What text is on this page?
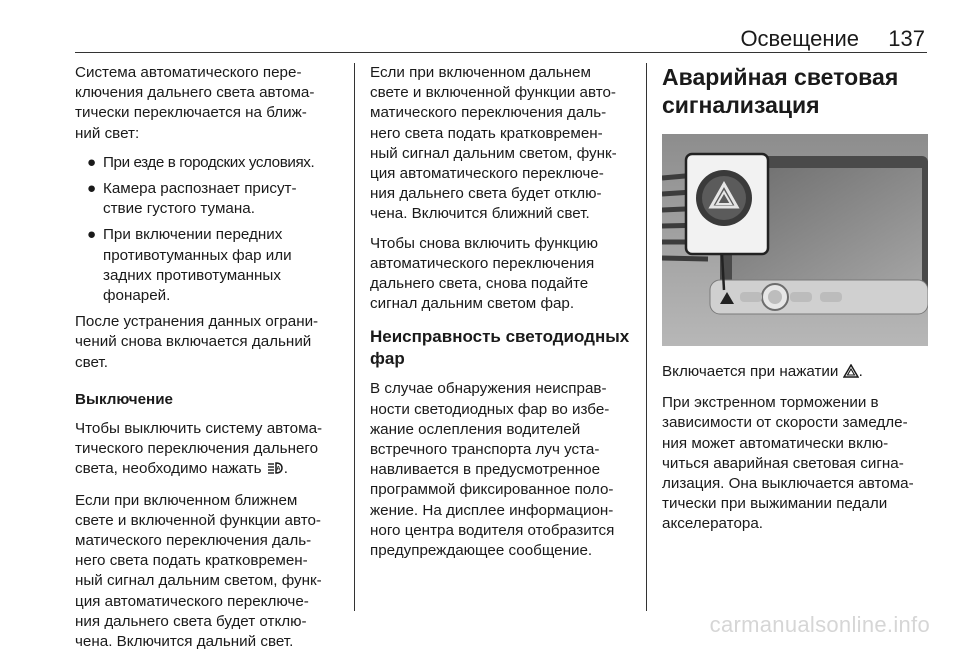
Освещение 137

Система автоматического пере-
ключения дальнего света автома-
тически переключается на ближ-
ний свет:

● При езде в городских условиях.
● Камера распознает присут-
ствие густого тумана.
● При включении передних
противотуманных фар или
задних противотуманных
фонарей.

После устранения данных ограни-
чений снова включается дальний
свет.

Выключение

Чтобы выключить систему автома-
тического переключения дальнего
света, необходимо нажать A .

Если при включенном ближнем
свете и включенной функции авто-
матического переключения даль-
него света подать кратковремен-
ный сигнал дальним светом, функ-
ция автоматического переключе-
ния дальнего света будет отклю-
чена. Включится дальний свет.

Если при включенном дальнем
свете и включенной функции авто-
матического переключения даль-
него света подать кратковремен-
ный сигнал дальним светом, функ-
ция автоматического переключе-
ния дальнего света будет отклю-
чена. Включится ближний свет.

Чтобы снова включить функцию
автоматического переключения
дальнего света, снова подайте
сигнал дальним светом фар.

Неисправность светодиодных
фар

В случае обнаружения неисправ-
ности светодиодных фар во избе-
жание ослепления водителей
встречного транспорта луч уста-
навливается в предусмотренное
программой фиксированное поло-
жение. На дисплее информацион-
ного центра водителя отобразится
предупреждающее сообщение.

Аварийная световая
сигнализация

Включается при нажатии .

При экстренном торможении в
зависимости от скорости замедле-
ния может автоматически вклю-
читься аварийная световая сигна-
лизация. Она выключается автома-
тически при выжимании педали
акселератора.

carmanualsonline.info
